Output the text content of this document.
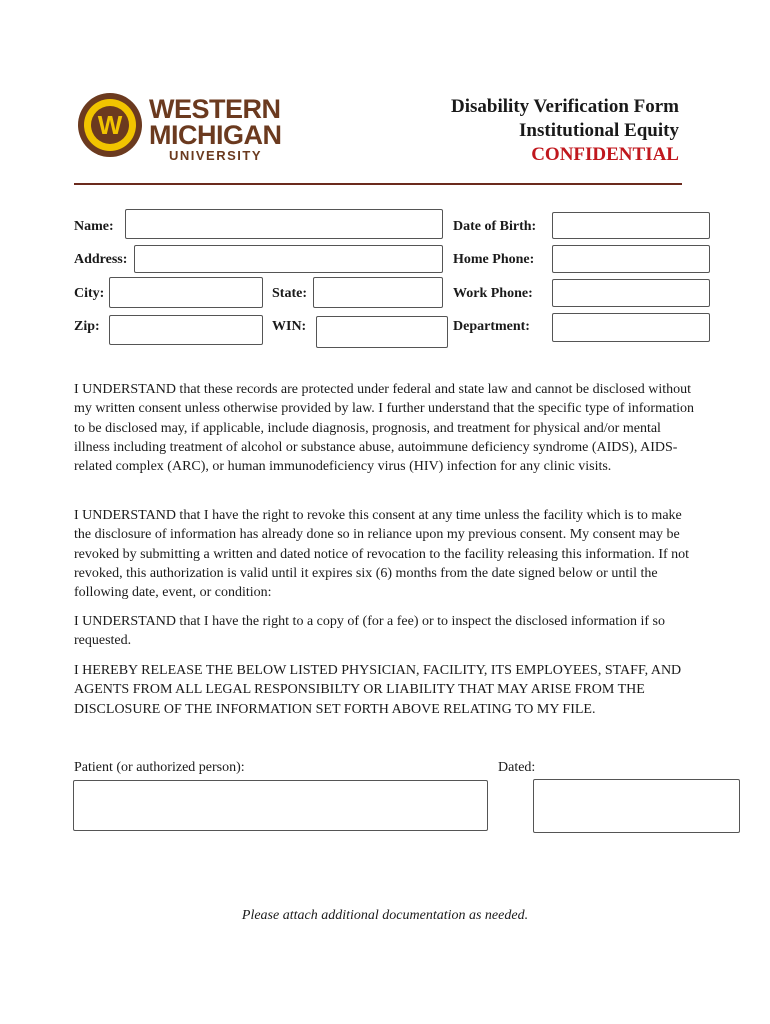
W
WESTERN
MICHIGAN
UNIVERSITY
Disability Verification Form
Institutional Equity
CONFIDENTIAL
Name:	Date of Birth:
Address:	Home Phone:
City:	State:	Work Phone:
Zip:	WIN:	Department:

I UNDERSTAND that these records are protected under federal and state law and cannot be disclosed without my written consent unless otherwise provided by law. I further understand that the specific type of information to be disclosed may, if applicable, include diagnosis, prognosis, and treatment for physical and/or mental illness including treatment of alcohol or substance abuse, autoimmune deficiency syndrome (AIDS), AIDS-related complex (ARC), or human immunodeficiency virus (HIV) infection for any clinic visits.

I UNDERSTAND that I have the right to revoke this consent at any time unless the facility which is to make the disclosure of information has already done so in reliance upon my previous consent. My consent may be revoked by submitting a written and dated notice of revocation to the facility releasing this information. If not revoked, this authorization is valid until it expires six (6) months from the date signed below or until the following date, event, or condition:

I UNDERSTAND that I have the right to a copy of (for a fee) or to inspect the disclosed information if so requested.

I HEREBY RELEASE THE BELOW LISTED PHYSICIAN, FACILITY, ITS EMPLOYEES, STAFF, AND AGENTS FROM ALL LEGAL RESPONSIBILTY OR LIABILITY THAT MAY ARISE FROM THE DISCLOSURE OF THE INFORMATION SET FORTH ABOVE RELATING TO MY FILE.

Patient (or authorized person):	Dated:
Please attach additional documentation as needed.
